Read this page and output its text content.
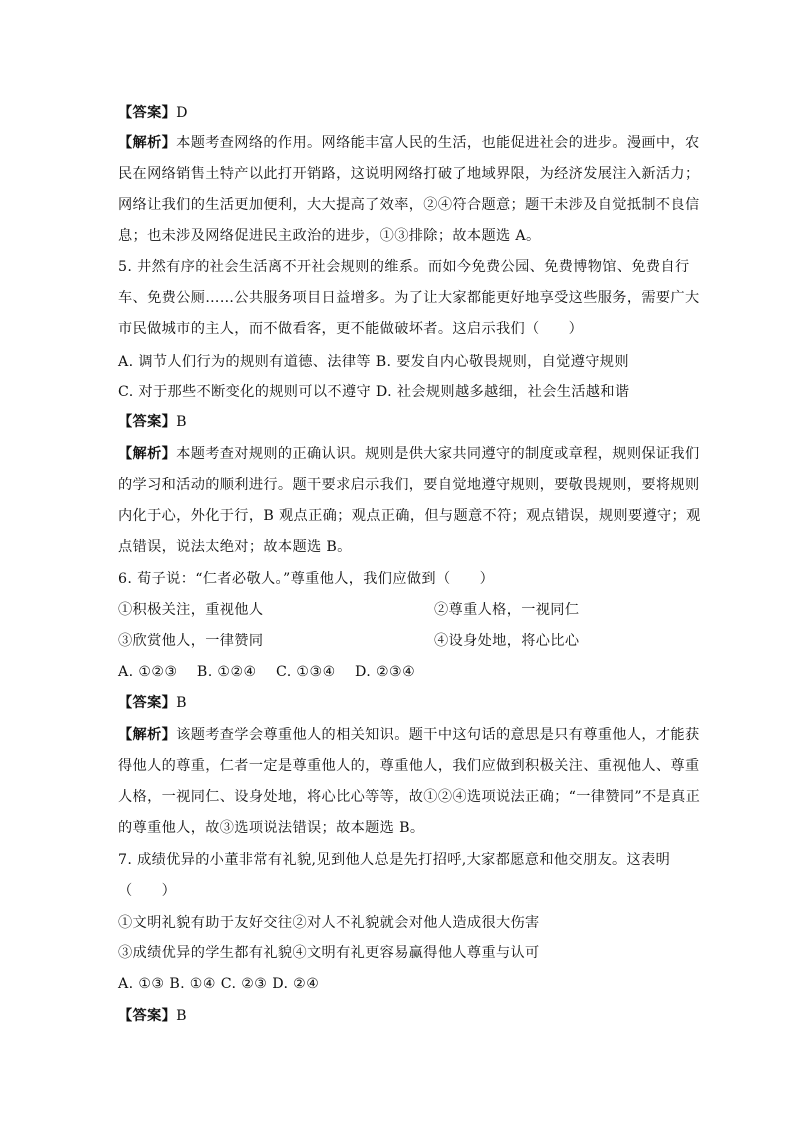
【答案】D
【解析】本题考查网络的作用。网络能丰富人民的生活，也能促进社会的进步。漫画中，农
民在网络销售土特产以此打开销路，这说明网络打破了地域界限，为经济发展注入新活力；
网络让我们的生活更加便利，大大提高了效率，②④符合题意；题干未涉及自觉抵制不良信
息；也未涉及网络促进民主政治的进步，①③排除；故本题选 A。
5. 井然有序的社会生活离不开社会规则的维系。而如今免费公园、免费博物馆、免费自行
车、免费公厕……公共服务项目日益增多。为了让大家都能更好地享受这些服务，需要广大
市民做城市的主人，而不做看客，更不能做破坏者。这启示我们（　　）
A. 调节人们行为的规则有道德、法律等 B. 要发自内心敬畏规则，自觉遵守规则
C. 对于那些不断变化的规则可以不遵守 D. 社会规则越多越细，社会生活越和谐
【答案】B
【解析】本题考查对规则的正确认识。规则是供大家共同遵守的制度或章程，规则保证我们
的学习和活动的顺利进行。题干要求启示我们，要自觉地遵守规则，要敬畏规则，要将规则
内化于心，外化于行，B 观点正确；观点正确，但与题意不符；观点错误，规则要遵守；观
点错误，说法太绝对；故本题选 B。
6. 荀子说：“仁者必敬人。”尊重他人，我们应做到（　　）
①积极关注，重视他人	②尊重人格，一视同仁
③欣赏他人，一律赞同	④设身处地，将心比心
A. ①②③　 B. ①②④　 C. ①③④　 D. ②③④
【答案】B
【解析】该题考查学会尊重他人的相关知识。题干中这句话的意思是只有尊重他人，才能获
得他人的尊重，仁者一定是尊重他人的，尊重他人，我们应做到积极关注、重视他人、尊重
人格，一视同仁、设身处地，将心比心等等，故①②④选项说法正确；“一律赞同”不是真正
的尊重他人，故③选项说法错误；故本题选 B。
7. 成绩优异的小董非常有礼貌,见到他人总是先打招呼,大家都愿意和他交朋友。这表明
（　　）
①文明礼貌有助于友好交往②对人不礼貌就会对他人造成很大伤害
③成绩优异的学生都有礼貌④文明有礼更容易赢得他人尊重与认可
A. ①③ B. ①④ C. ②③ D. ②④
【答案】B
